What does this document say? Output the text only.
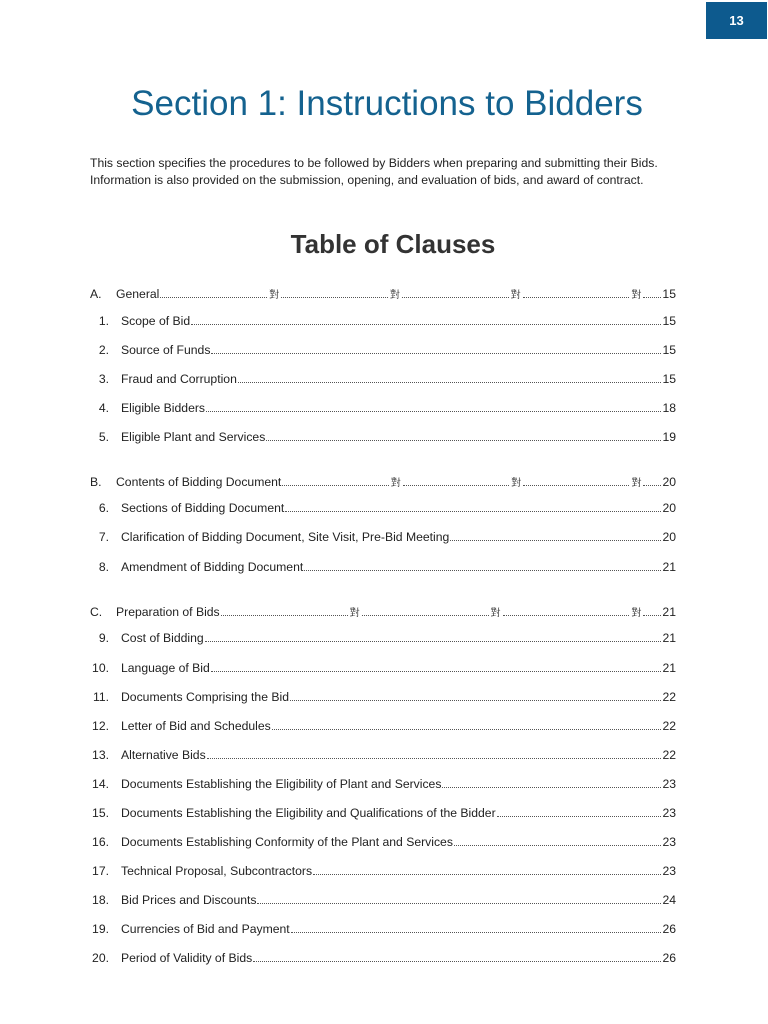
13
Section 1: Instructions to Bidders

This section specifies the procedures to be followed by Bidders when preparing and submitting their Bids.
Information is also provided on the submission, opening, and evaluation of bids, and award of contract.

Table of Clauses
A.	General	對	對	對	對 15
1. Scope of Bid	15
2. Source of Funds	15
3. Fraud and Corruption	15
4. Eligible Bidders	18
5. Eligible Plant and Services	19
B.	Contents of Bidding Document	對	對	對 20
6. Sections of Bidding Document	20
7. Clarification of Bidding Document, Site Visit, Pre-Bid Meeting	20
8. Amendment of Bidding Document	21
C.	Preparation of Bids	對	對	對 21
9. Cost of Bidding	21
10. Language of Bid	21
11. Documents Comprising the Bid	22
12. Letter of Bid and Schedules	22
13. Alternative Bids	22
14. Documents Establishing the Eligibility of Plant and Services	23
15. Documents Establishing the Eligibility and Qualifications of the Bidder	23
16. Documents Establishing Conformity of the Plant and Services	23
17. Technical Proposal, Subcontractors	23
18. Bid Prices and Discounts	24
19. Currencies of Bid and Payment	26
20. Period of Validity of Bids	26
